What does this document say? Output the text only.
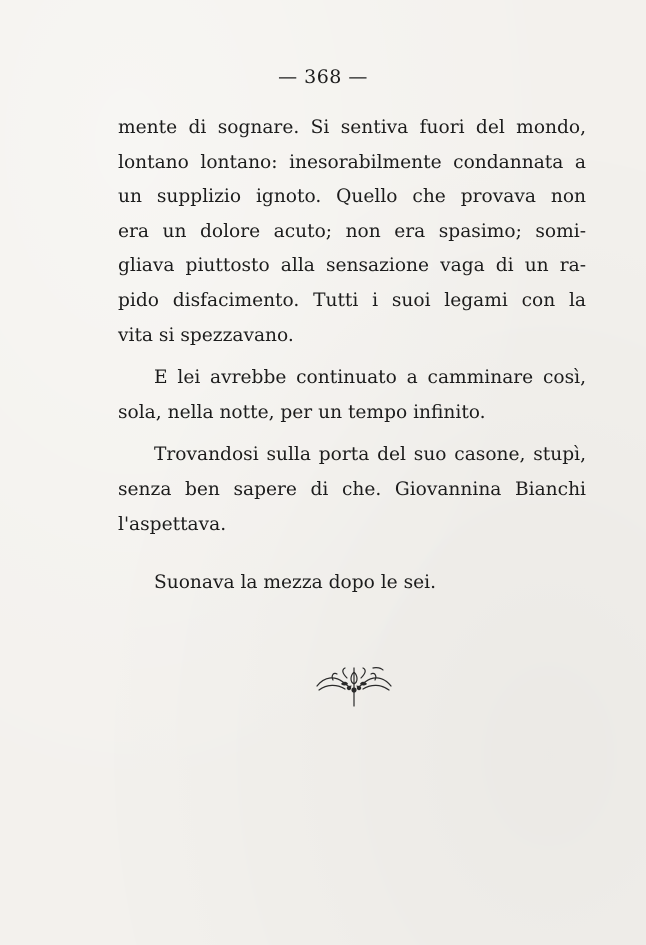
— 368 —
mente di sognare. Si sentiva fuori del mondo,
lontano lontano: inesorabilmente condannata a
un supplizio ignoto. Quello che provava non
era un dolore acuto; non era spasimo; somi-
gliava piuttosto alla sensazione vaga di un ra-
pido disfacimento. Tutti i suoi legami con la
vita si spezzavano.
E lei avrebbe continuato a camminare così,
sola, nella notte, per un tempo infinito.
Trovandosi sulla porta del suo casone, stupì,
senza ben sapere di che. Giovannina Bianchi
l'aspettava.
Suonava la mezza dopo le sei.
